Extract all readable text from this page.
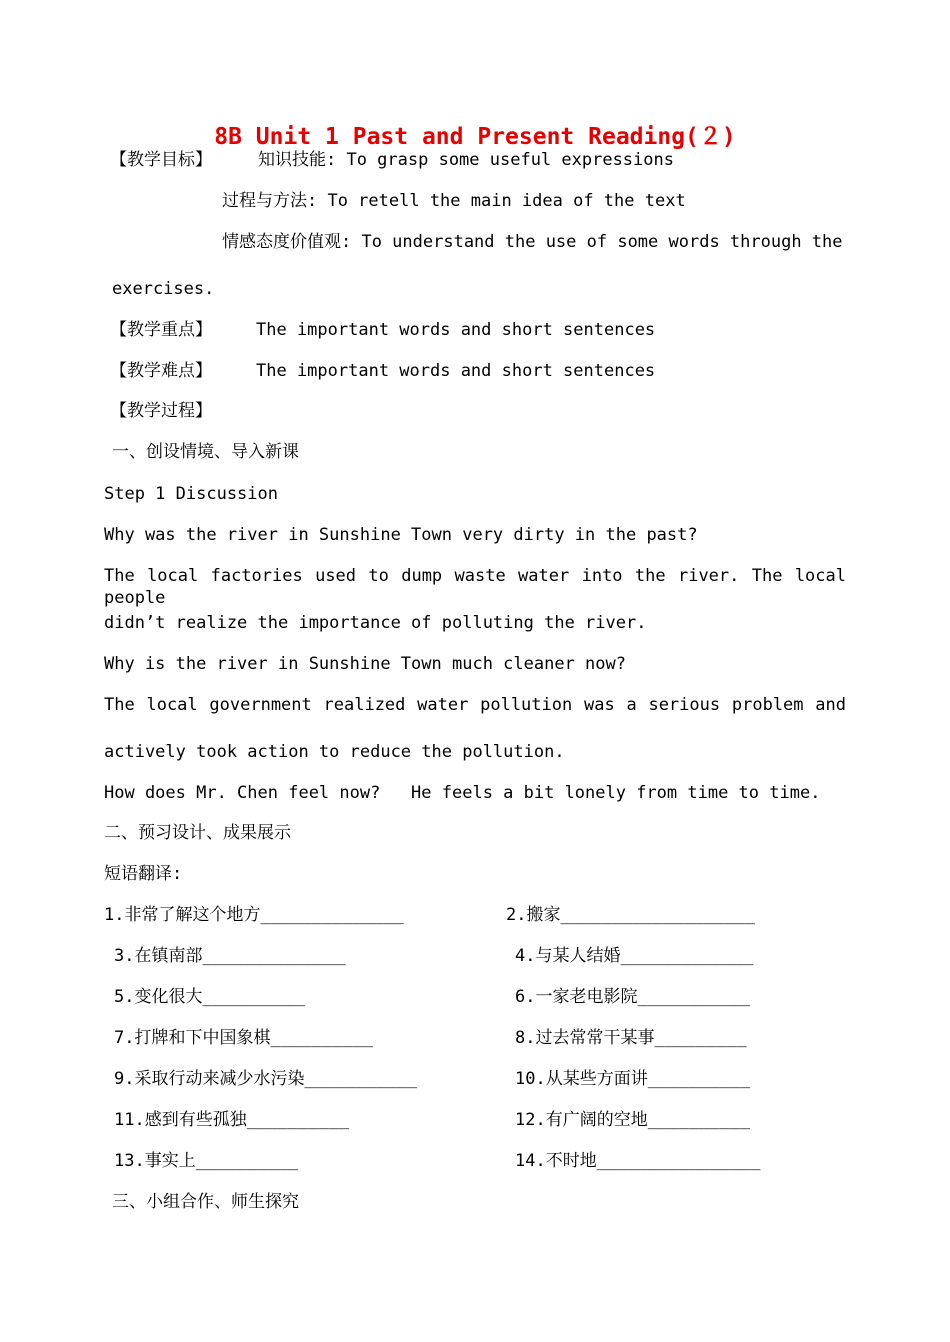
8B Unit 1 Past and Present Reading(２)
【教学目标】	知识技能: To grasp some useful expressions
过程与方法: To retell the main idea of the text
情感态度价值观: To understand the use of some words through the
exercises.
【教学重点】	The important words and short sentences
【教学难点】	The important words and short sentences
【教学过程】
一、创设情境、导入新课
Step 1 Discussion
Why was the river in Sunshine Town very dirty in the past?
The local factories used to dump waste water into the river. The local people
didn’t realize the importance of polluting the river.
Why is the river in Sunshine Town much cleaner now?
The local government realized water pollution was a serious problem and
actively took action to reduce the pollution.
How does Mr. Chen feel now?   He feels a bit lonely from time to time.
二、预习设计、成果展示
短语翻译:
1.非常了解这个地方______________	2.搬家___________________
3.在镇南部______________	4.与某人结婚_____________
5.变化很大__________	6.一家老电影院___________
7.打牌和下中国象棋__________	8.过去常常干某事_________
9.采取行动来减少水污染___________	10.从某些方面讲__________
11.感到有些孤独__________	12.有广阔的空地__________
13.事实上__________	14.不时地________________
三、小组合作、师生探究
